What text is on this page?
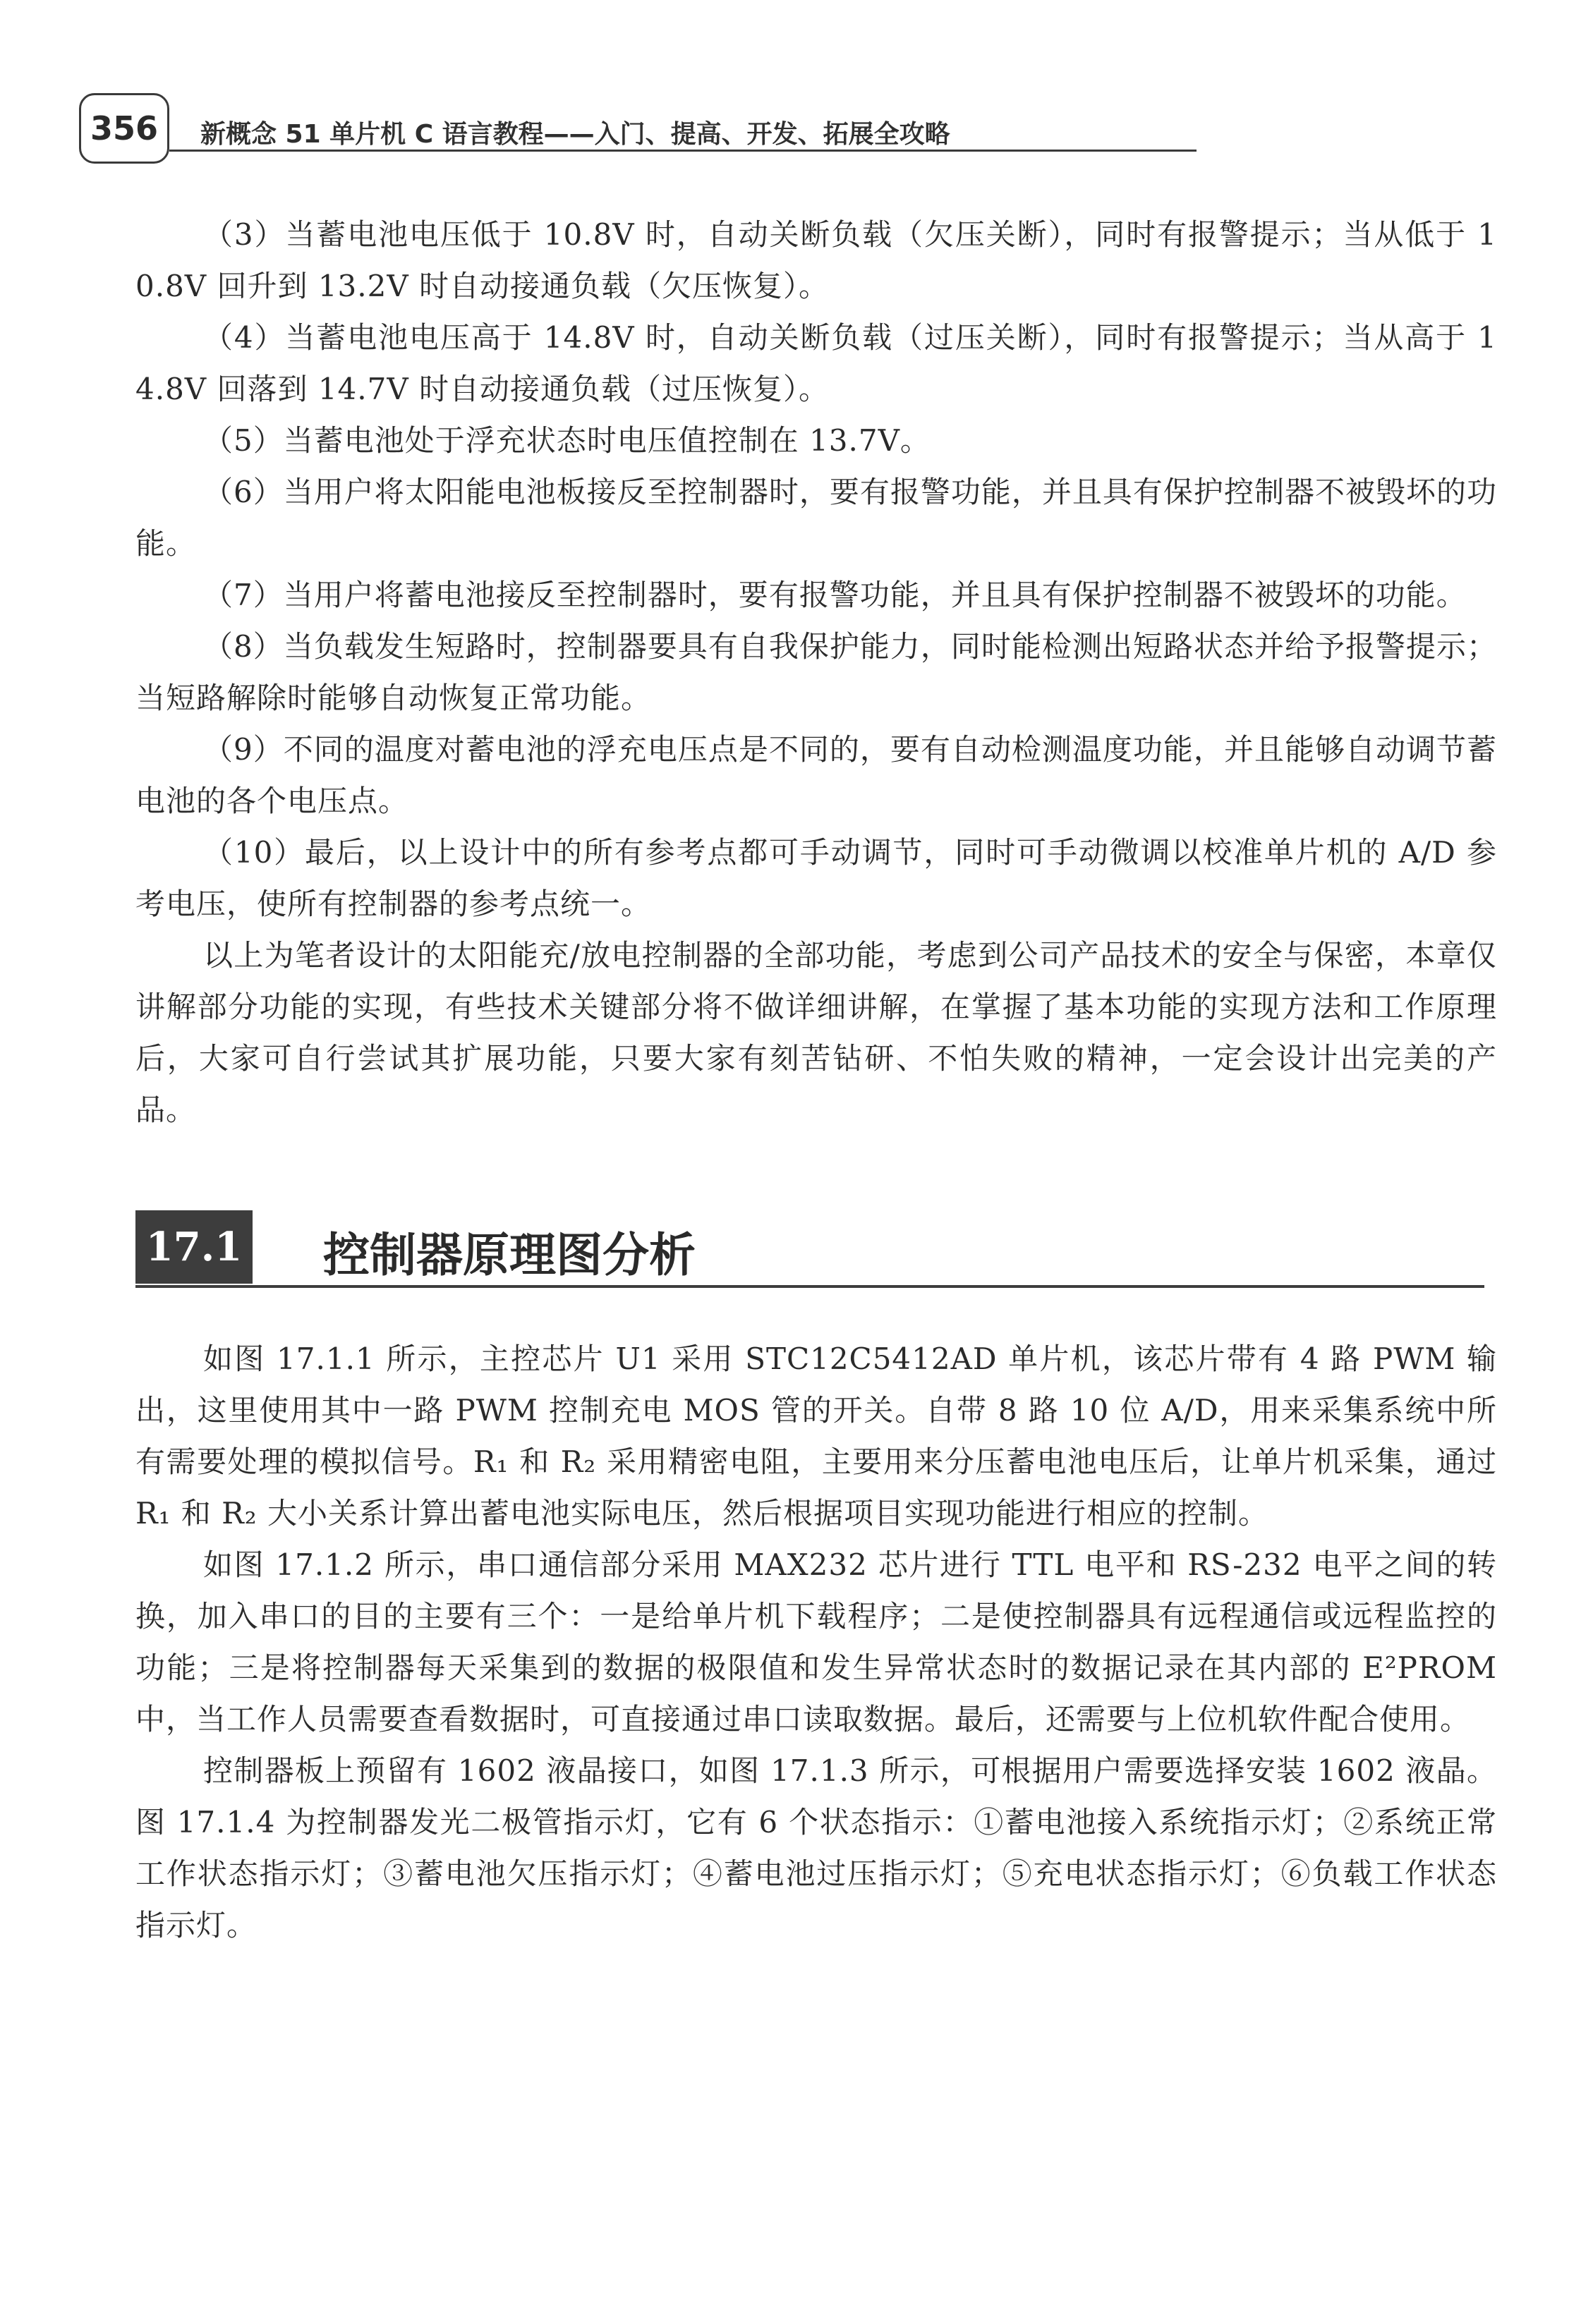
356	新概念 51 单片机 C 语言教程——入门、提高、开发、拓展全攻略

（3）当蓄电池电压低于 10.8V 时，自动关断负载（欠压关断），同时有报警提示；当从低于 10.8V 回升到 13.2V 时自动接通负载（欠压恢复）。

（4）当蓄电池电压高于 14.8V 时，自动关断负载（过压关断），同时有报警提示；当从高于 14.8V 回落到 14.7V 时自动接通负载（过压恢复）。

（5）当蓄电池处于浮充状态时电压值控制在 13.7V。

（6）当用户将太阳能电池板接反至控制器时，要有报警功能，并且具有保护控制器不被毁坏的功能。

（7）当用户将蓄电池接反至控制器时，要有报警功能，并且具有保护控制器不被毁坏的功能。

（8）当负载发生短路时，控制器要具有自我保护能力，同时能检测出短路状态并给予报警提示；当短路解除时能够自动恢复正常功能。

（9）不同的温度对蓄电池的浮充电压点是不同的，要有自动检测温度功能，并且能够自动调节蓄电池的各个电压点。

（10）最后，以上设计中的所有参考点都可手动调节，同时可手动微调以校准单片机的 A/D 参考电压，使所有控制器的参考点统一。

以上为笔者设计的太阳能充/放电控制器的全部功能，考虑到公司产品技术的安全与保密，本章仅讲解部分功能的实现，有些技术关键部分将不做详细讲解，在掌握了基本功能的实现方法和工作原理后，大家可自行尝试其扩展功能，只要大家有刻苦钻研、不怕失败的精神，一定会设计出完美的产品。

17.1 控制器原理图分析

如图 17.1.1 所示，主控芯片 U1 采用 STC12C5412AD 单片机，该芯片带有 4 路 PWM 输出，这里使用其中一路 PWM 控制充电 MOS 管的开关。自带 8 路 10 位 A/D，用来采集系统中所有需要处理的模拟信号。R₁ 和 R₂ 采用精密电阻，主要用来分压蓄电池电压后，让单片机采集，通过 R₁ 和 R₂ 大小关系计算出蓄电池实际电压，然后根据项目实现功能进行相应的控制。

如图 17.1.2 所示，串口通信部分采用 MAX232 芯片进行 TTL 电平和 RS-232 电平之间的转换，加入串口的目的主要有三个：一是给单片机下载程序；二是使控制器具有远程通信或远程监控的功能；三是将控制器每天采集到的数据的极限值和发生异常状态时的数据记录在其内部的 E²PROM 中，当工作人员需要查看数据时，可直接通过串口读取数据。最后，还需要与上位机软件配合使用。

控制器板上预留有 1602 液晶接口，如图 17.1.3 所示，可根据用户需要选择安装 1602 液晶。图 17.1.4 为控制器发光二极管指示灯，它有 6 个状态指示：①蓄电池接入系统指示灯；②系统正常工作状态指示灯；③蓄电池欠压指示灯；④蓄电池过压指示灯；⑤充电状态指示灯；⑥负载工作状态指示灯。
